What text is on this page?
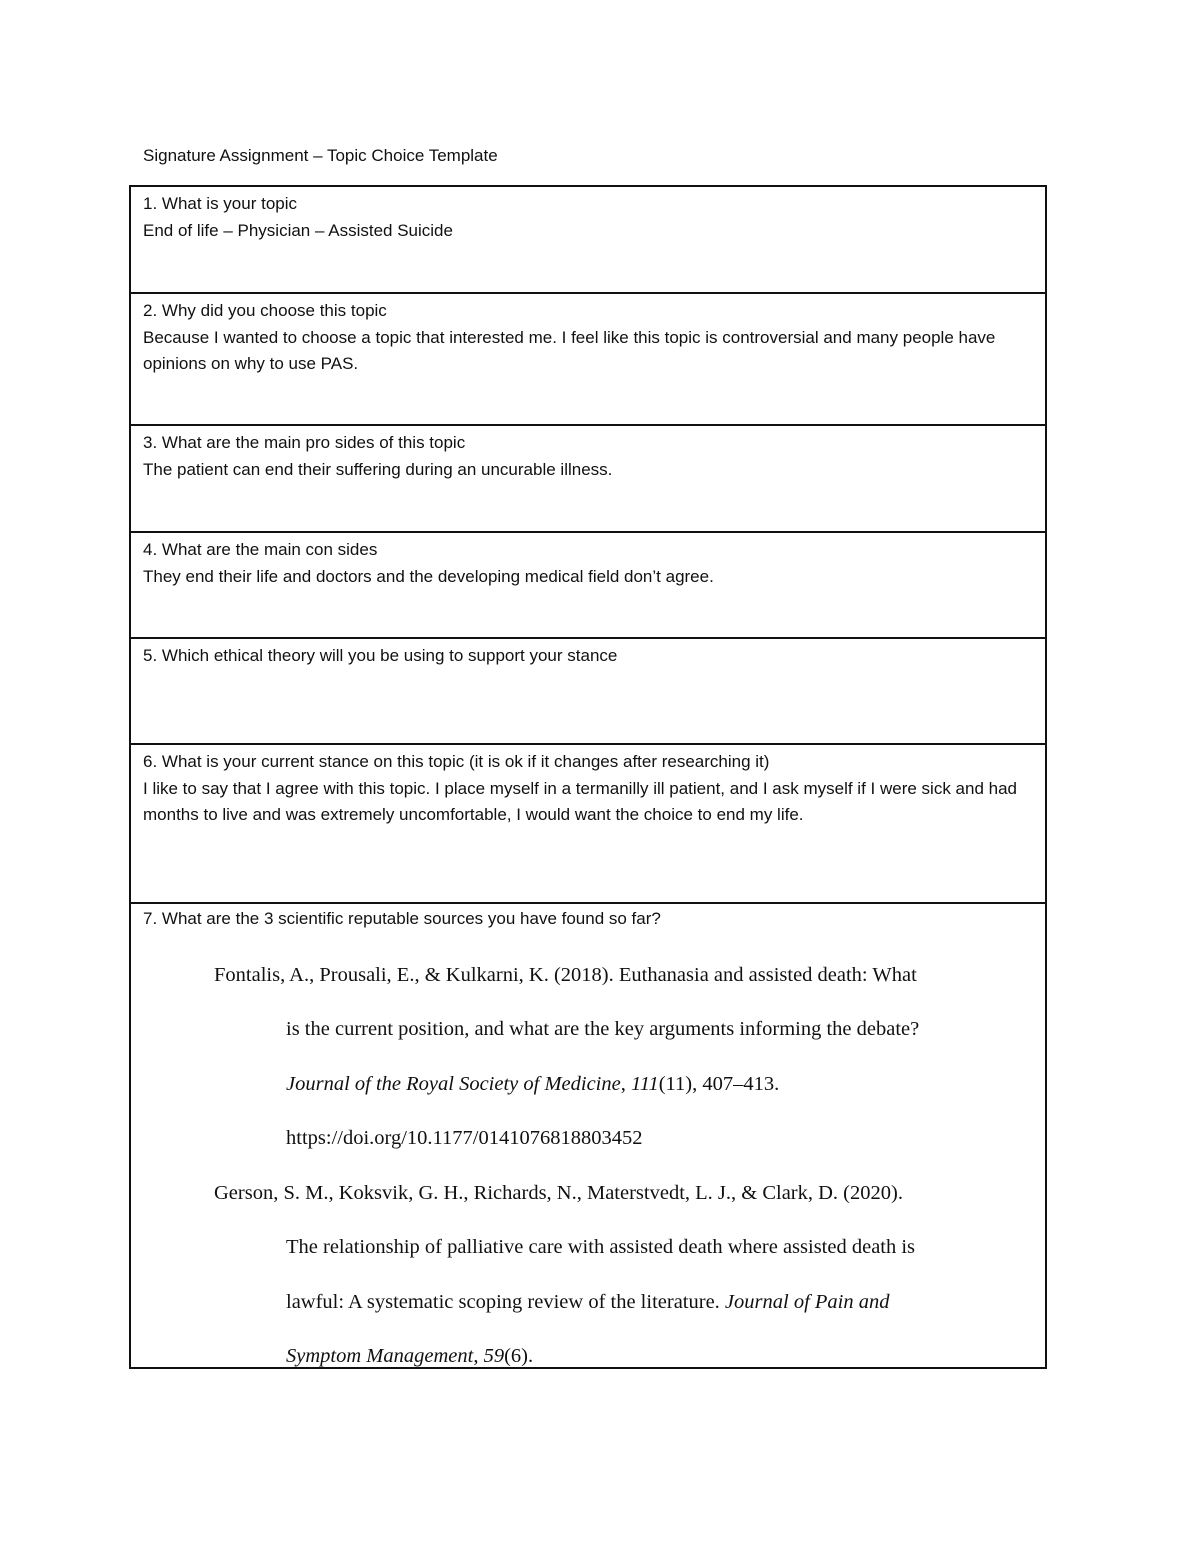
Signature Assignment – Topic Choice Template
1. What is your topic
End of life – Physician – Assisted Suicide
2. Why did you choose this topic
Because I wanted to choose a topic that interested me. I feel like this topic is controversial and many people have opinions on why to use PAS.
3. What are the main pro sides of this topic
The patient can end their suffering during an uncurable illness.
4. What are the main con sides
They end their life and doctors and the developing medical field don’t agree.
5. Which ethical theory will you be using to support your stance
6. What is your current stance on this topic (it is ok if it changes after researching it)
I like to say that I agree with this topic. I place myself in a termanilly ill patient, and I ask myself if I were sick and had months to live and was extremely uncomfortable, I would want the choice to end my life.
7. What are the 3 scientific reputable sources you have found so far?
Fontalis, A., Prousali, E., & Kulkarni, K. (2018). Euthanasia and assisted death: What
is the current position, and what are the key arguments informing the debate?
Journal of the Royal Society of Medicine, 111(11), 407–413.
https://doi.org/10.1177/0141076818803452
Gerson, S. M., Koksvik, G. H., Richards, N., Materstvedt, L. J., & Clark, D. (2020).
The relationship of palliative care with assisted death where assisted death is
lawful: A systematic scoping review of the literature. Journal of Pain and
Symptom Management, 59(6).
